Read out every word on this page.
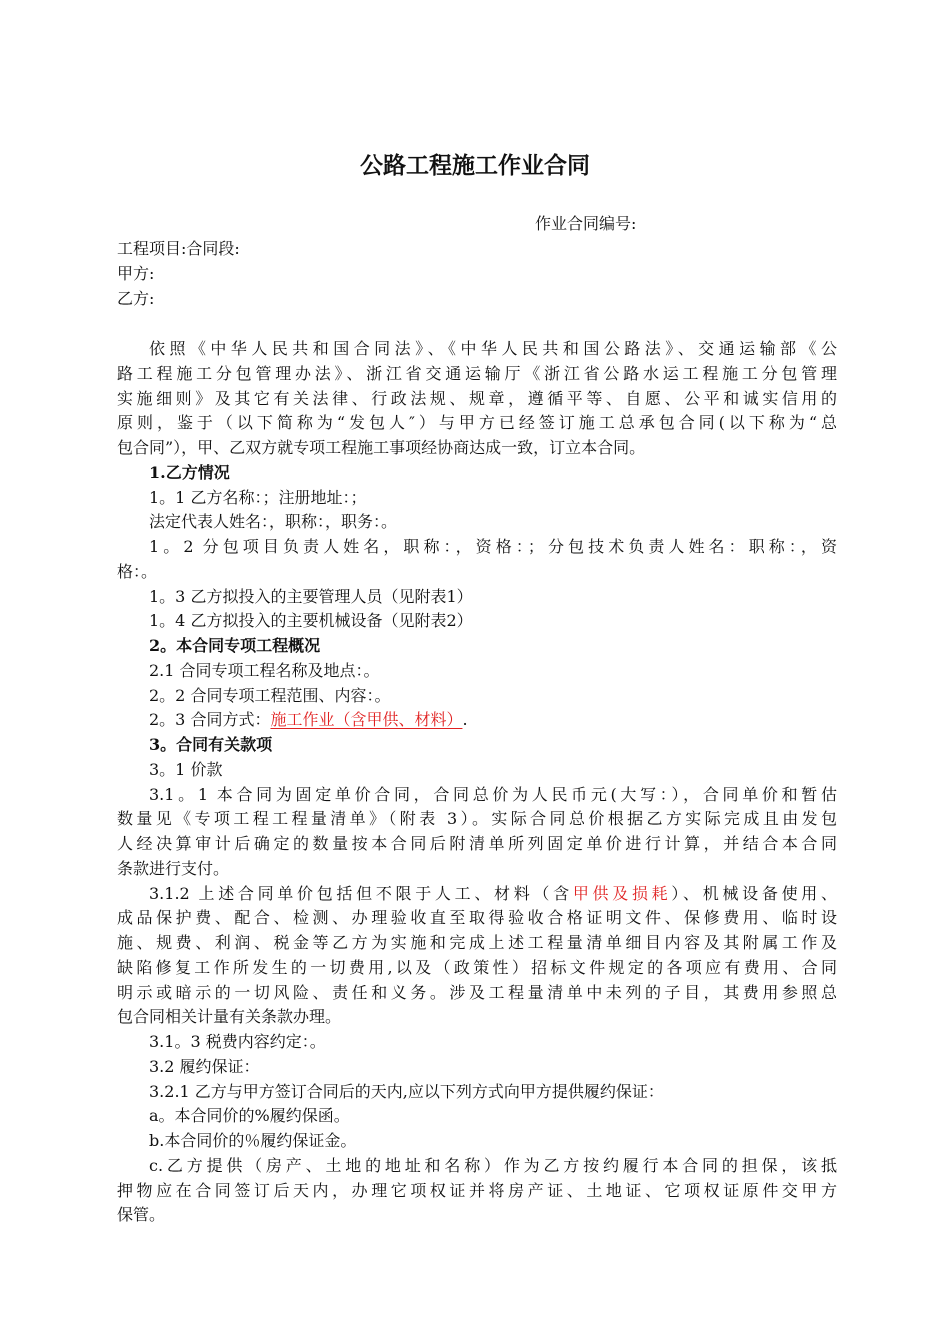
公路工程施工作业合同
作业合同编号:
工程项目:合同段:
甲方:
乙方:
依照《中华人民共和国合同法》、《中华人民共和国公路法》、交通运输部《公
路工程施工分包管理办法》、浙江省交通运输厅《浙江省公路水运工程施工分包管理
实施细则》及其它有关法律、行政法规、规章，遵循平等、自愿、公平和诚实信用的
原则，鉴于（以下简称为“发包人″）与甲方已经签订施工总承包合同(以下称为“总
包合同”），甲、乙双方就专项工程施工事项经协商达成一致，订立本合同。
1.乙方情况
1。1 乙方名称：；注册地址：；
法定代表人姓名：，职称：，职务：。
1。2 分包项目负责人姓名，职称：，资格：；分包技术负责人姓名：职称：，资
格：。
1。3 乙方拟投入的主要管理人员（见附表1）
1。4 乙方拟投入的主要机械设备（见附表2）
2。本合同专项工程概况
2.1 合同专项工程名称及地点：。
2。2 合同专项工程范围、内容：。
2。3 合同方式：施工作业（含甲供、材料）.
3。合同有关款项
3。1 价款
3.1。1 本合同为固定单价合同，合同总价为人民币元(大写：），合同单价和暂估
数量见《专项工程工程量清单》（附表 3）。实际合同总价根据乙方实际完成且由发包
人经决算审计后确定的数量按本合同后附清单所列固定单价进行计算，并结合本合同
条款进行支付。
3.1.2 上述合同单价包括但不限于人工、材料（含甲供及损耗）、机械设备使用、
成品保护费、配合、检测、办理验收直至取得验收合格证明文件、保修费用、临时设
施、规费、利润、税金等乙方为实施和完成上述工程量清单细目内容及其附属工作及
缺陷修复工作所发生的一切费用,以及（政策性）招标文件规定的各项应有费用、合同
明示或暗示的一切风险、责任和义务。涉及工程量清单中未列的子目，其费用参照总
包合同相关计量有关条款办理。
3.1。3 税费内容约定：。
3.2 履约保证：
3.2.1 乙方与甲方签订合同后的天内,应以下列方式向甲方提供履约保证：
a。本合同价的%履约保函。
b.本合同价的％履约保证金。
c.乙方提供（房产、土地的地址和名称）作为乙方按约履行本合同的担保，该抵
押物应在合同签订后天内，办理它项权证并将房产证、土地证、它项权证原件交甲方
保管。
